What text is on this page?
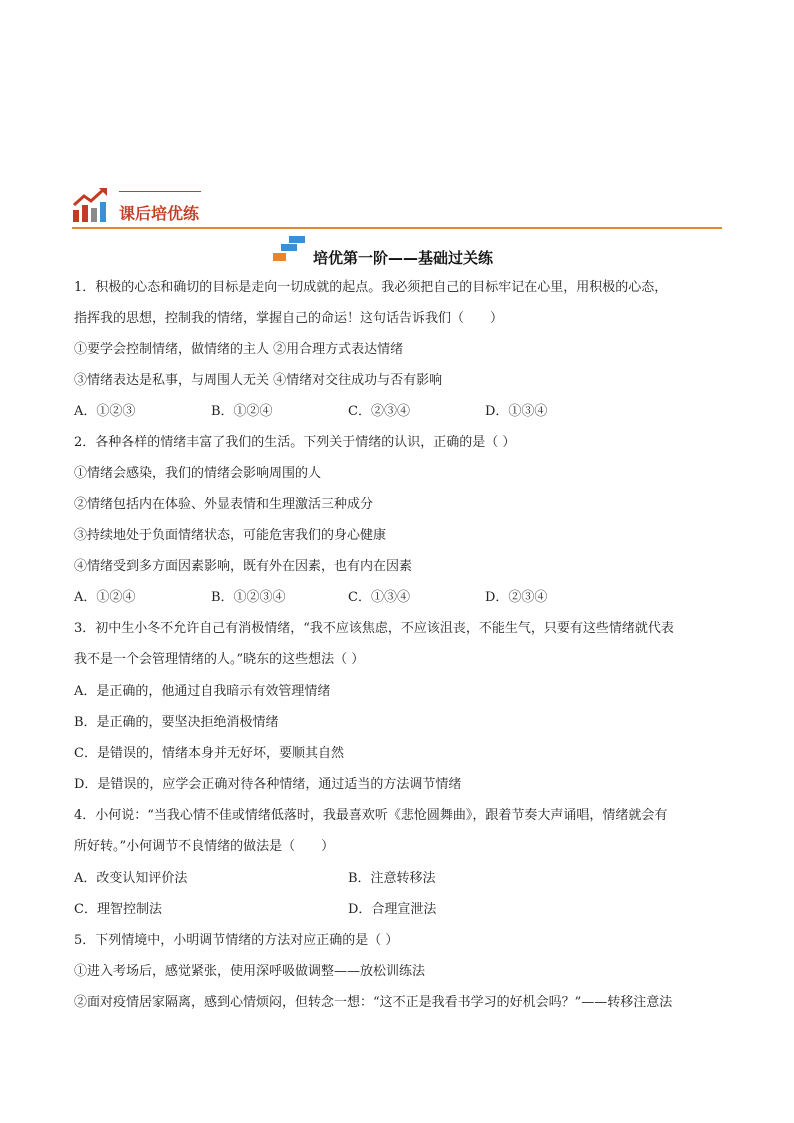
课后培优练
培优第一阶——基础过关练
1．积极的心态和确切的目标是走向一切成就的起点。我必须把自己的目标牢记在心里，用积极的心态，
指挥我的思想，控制我的情绪，掌握自己的命运！这句话告诉我们（　　）
①要学会控制情绪，做情绪的主人 ②用合理方式表达情绪
③情绪表达是私事，与周围人无关 ④情绪对交往成功与否有影响
A．①②③	B．①②④	C．②③④	D．①③④
2．各种各样的情绪丰富了我们的生活。下列关于情绪的认识，正确的是（ ）
①情绪会感染，我们的情绪会影响周围的人
②情绪包括内在体验、外显表情和生理激活三种成分
③持续地处于负面情绪状态，可能危害我们的身心健康
④情绪受到多方面因素影响，既有外在因素，也有内在因素
A．①②④	B．①②③④	C．①③④	D．②③④
3．初中生小冬不允许自己有消极情绪，“我不应该焦虑，不应该沮丧，不能生气，只要有这些情绪就代表
我不是一个会管理情绪的人。”晓东的这些想法（ ）
A．是正确的，他通过自我暗示有效管理情绪
B．是正确的，要坚决拒绝消极情绪
C．是错误的，情绪本身并无好坏，要顺其自然
D．是错误的，应学会正确对待各种情绪，通过适当的方法调节情绪
4．小何说：“当我心情不佳或情绪低落时，我最喜欢听《悲怆圆舞曲》，跟着节奏大声诵唱，情绪就会有
所好转。”小何调节不良情绪的做法是（　　）
A．改变认知评价法	B．注意转移法
C．理智控制法	D．合理宣泄法
5．下列情境中，小明调节情绪的方法对应正确的是（ ）
①进入考场后，感觉紧张，使用深呼吸做调整——放松训练法
②面对疫情居家隔离，感到心情烦闷，但转念一想：“这不正是我看书学习的好机会吗？”——转移注意法
